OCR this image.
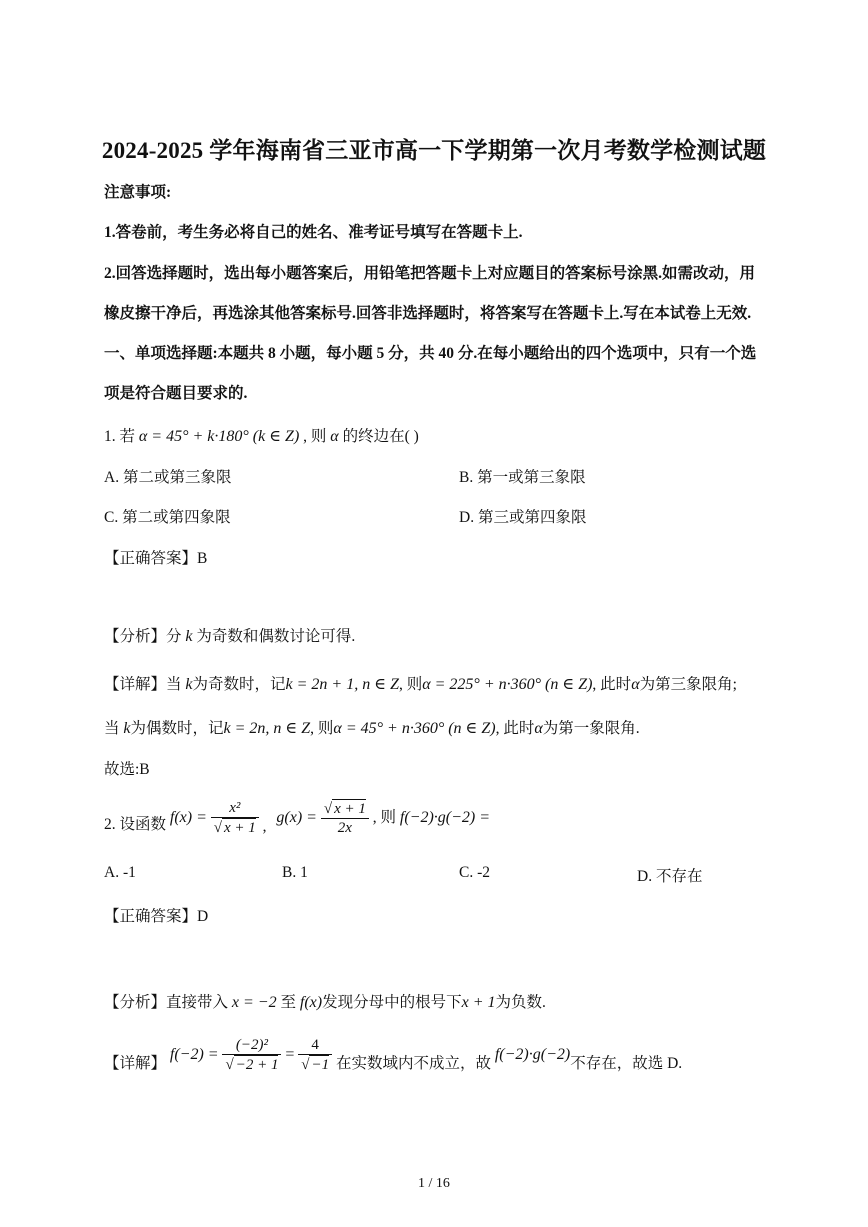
2024-2025 学年海南省三亚市高一下学期第一次月考数学检测试题
注意事项:
1.答卷前，考生务必将自己的姓名、准考证号填写在答题卡上.
2.回答选择题时，选出每小题答案后，用铅笔把答题卡上对应题目的答案标号涂黑.如需改动，用
橡皮擦干净后，再选涂其他答案标号.回答非选择题时，将答案写在答题卡上.写在本试卷上无效.
一、单项选择题:本题共 8 小题，每小题 5 分，共 40 分.在每小题给出的四个选项中，只有一个选
项是符合题目要求的.
1. 若 α = 45° + k·180° (k ∈ Z) , 则 α 的终边在( )
A. 第二或第三象限	B. 第一或第三象限
C. 第二或第四象限	D. 第三或第四象限
【正确答案】B
【分析】分 k 为奇数和偶数讨论可得.
【详解】当 k为奇数时，记k = 2n + 1, n ∈ Z, 则α = 225° + n·360° (n ∈ Z), 此时α为第三象限角;
当 k为偶数时，记k = 2n, n ∈ Z, 则α = 45° + n·360° (n ∈ Z), 此时α为第一象限角.
故选:B
2. 设函数 $f(x) = \frac{\text{x²}}{√ x + 1}$ , $g(x) = \frac{√ x + 1}{2x}$ , 则 f(−2)·g(−2) =
A. -1	B. 1	C. -2	D. 不存在
【正确答案】D
【分析】直接带入 x = −2 至 f(x)发现分母中的根号下x + 1为负数.
【详解】 $f(-2) = \frac{\text{(−2)²}}{√ -2 + 1} = \frac{4}{√ -1}$ 在实数域内不成立，故 f(−2)·g(−2)不存在，故选 D.
1 / 16
